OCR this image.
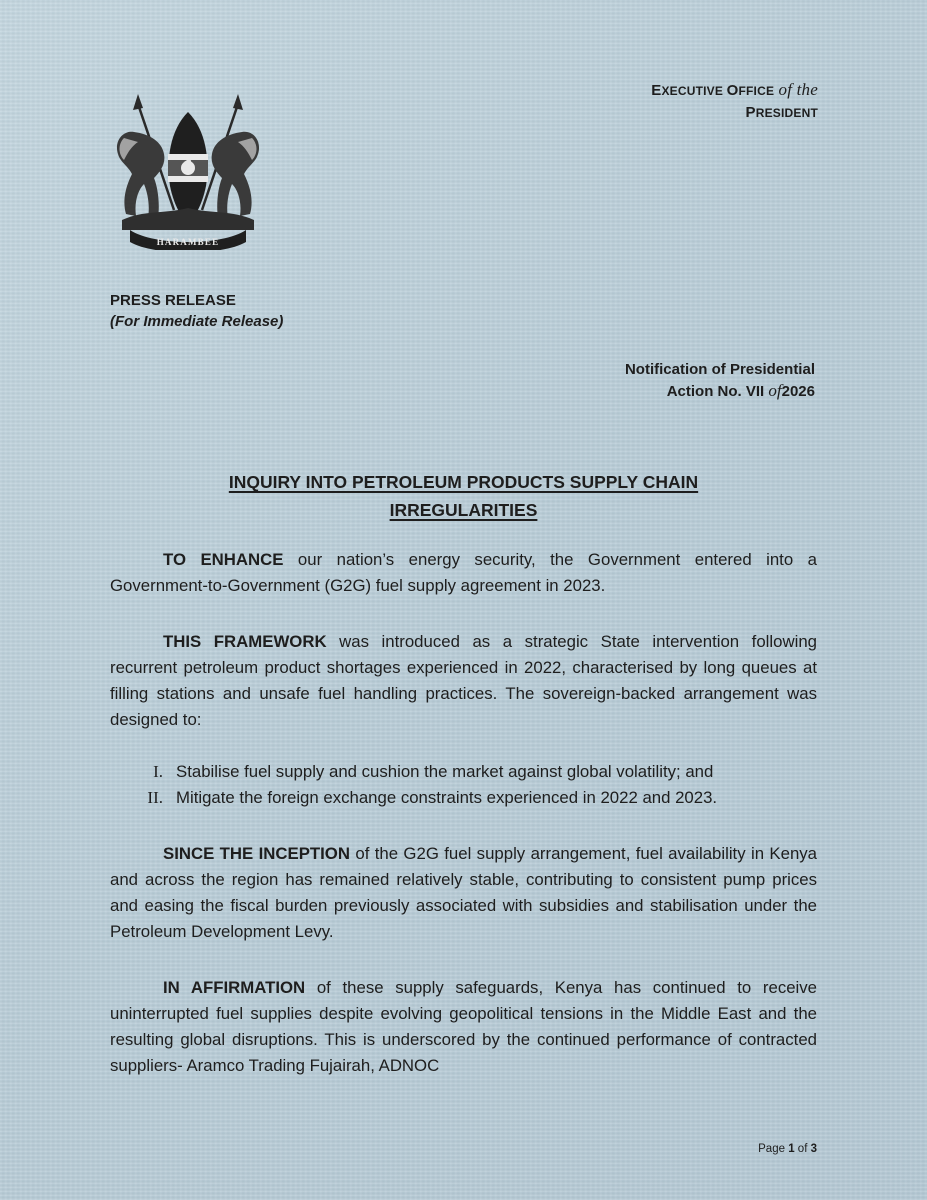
HARAMBEE
EXECUTIVE OFFICE of the
PRESIDENT
PRESS RELEASE
(For Immediate Release)
Notification of Presidential
Action No. VII of2026
INQUIRY INTO PETROLEUM PRODUCTS SUPPLY CHAIN
IRREGULARITIES

TO ENHANCE our nation’s energy security, the Government entered into a Government-to-Government (G2G) fuel supply agreement in 2023.

THIS FRAMEWORK was introduced as a strategic State intervention following recurrent petroleum product shortages experienced in 2022, characterised by long queues at filling stations and unsafe fuel handling practices. The sovereign-backed arrangement was designed to:

I. Stabilise fuel supply and cushion the market against global volatility; and
II. Mitigate the foreign exchange constraints experienced in 2022 and 2023.

SINCE THE INCEPTION of the G2G fuel supply arrangement, fuel availability in Kenya and across the region has remained relatively stable, contributing to consistent pump prices and easing the fiscal burden previously associated with subsidies and stabilisation under the Petroleum Development Levy.

IN AFFIRMATION of these supply safeguards, Kenya has continued to receive uninterrupted fuel supplies despite evolving geopolitical tensions in the Middle East and the resulting global disruptions. This is underscored by the continued performance of contracted suppliers- Aramco Trading Fujairah, ADNOC

Page 1 of 3
